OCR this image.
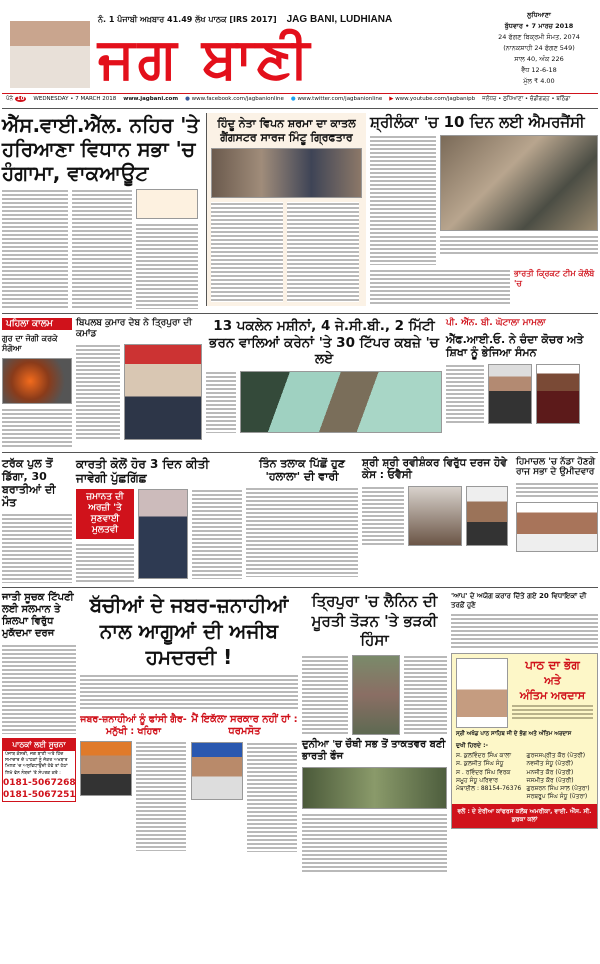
ਨੰ. 1 ਪੰਜਾਬੀ ਅਖ਼ਬਾਰ 41.49 ਲੱਖ ਪਾਠਕ [IRS 2017] JAG BANI, LUDHIANA
ਜਗ ਬਾਣੀ
ਲੁਧਿਆਣਾ
ਬੁੱਧਵਾਰ • 7 ਮਾਰਚ 2018
24 ਫੱਗਣ ਬਿਕ੍ਰਮੀ ਸੰਮਤ, 2074
(ਨਾਨਕਸ਼ਾਹੀ 24 ਫੱਗਣ 549)
ਸਾਲ 40, ਅੰਕ 226
ਵੈੱਧ 12-6-18
ਮੁੱਲ ₹ 4.00
ਪੰਨੇ 10	WEDNESDAY • 7 MARCH 2018 www.jagbani.com ● www.facebook.com/jagbanionline ● www.twitter.com/jagbanionline ▶ www.youtube.com/jagbanipb ਜਲੰਧਰ • ਲੁਧਿਆਣਾ • ਚੰਡੀਗੜ੍ਹ • ਬਠਿੰਡਾ
ਐੱਸ.ਵਾਈ.ਐੱਲ. ਨਹਿਰ 'ਤੇ ਹਰਿਆਣਾ ਵਿਧਾਨ ਸਭਾ 'ਚ ਹੰਗਾਮਾ, ਵਾਕਆਊਟ
ਹਿੰਦੂ ਨੇਤਾ ਵਿਪਨ ਸ਼ਰਮਾ ਦਾ ਕਾਤਲ ਗੈਂਗਸਟਰ ਸਾਰਜ ਮਿੰਟੂ ਗ੍ਰਿਫਤਾਰ
ਸ਼੍ਰੀਲੰਕਾ 'ਚ 10 ਦਿਨ ਲਈ ਐਮਰਜੈਂਸੀ
ਭਾਰਤੀ ਕ੍ਰਿਕਟ ਟੀਮ ਕੋਲੰਬੋ 'ਚ
ਪਹਿਲਾ ਕਾਲਮ
ਗੁਰ ਦਾ ਜੋਗੀ ਕਰਕੇ ਸੰਗੋਆ
ਬਿਪਲਬ ਕੁਮਾਰ ਦੇਬ ਨੇ ਤ੍ਰਿਪੁਰਾ ਦੀ ਕਮਾਂਡ	13 ਪਕਲੇਨ ਮਸ਼ੀਨਾਂ, 4 ਜੇ.ਸੀ.ਬੀ., 2 ਮਿੱਟੀ ਭਰਨ ਵਾਲਿਆਂ ਕਰੇਨਾਂ 'ਤੇ 30 ਟਿੱਪਰ ਕਬਜ਼ੇ 'ਚ ਲਏ
ਪੀ. ਐੱਨ. ਬੀ. ਘੋਟਾਲਾ ਮਾਮਲਾ
ਐੱਫ.ਆਈ.ਓ. ਨੇ ਚੰਦਾ ਕੋਚਰ ਅਤੇ ਸ਼ਿਖਾ ਨੂੰ ਭੇਜਿਆ ਸੰਮਨ
ਟਰੱਕ ਪੁਲ ਤੋਂ ਡਿੱਗਾ, 30 ਬਰਾਤੀਆਂ ਦੀ ਮੌਤ
ਕਾਰਤੀ ਕੋਲੋਂ ਹੋਰ 3 ਦਿਨ ਕੀਤੀ ਜਾਵੇਗੀ ਪੁੱਛਗਿੱਛ
ਜ਼ਮਾਨਤ ਦੀ ਅਰਜ਼ੀ 'ਤੇ ਸੁਣਵਾਈ ਮੁਲਤਵੀ
ਤਿੰਨ ਤਲਾਕ ਪਿੱਛੋਂ ਹੁਣ 'ਹਲਾਲਾ' ਦੀ ਵਾਰੀ
ਸ਼੍ਰੀ ਸ਼੍ਰੀ ਰਵੀਸ਼ੰਕਰ ਵਿਰੁੱਧ ਦਰਜ ਹੋਵੇ ਕੇਸ : ਓਵੈਸੀ
ਹਿਮਾਚਲ 'ਚ ਨੱਡਾ ਹੋਣਗੇ ਰਾਜ ਸਭਾ ਦੇ ਉਮੀਦਵਾਰ
ਜਾਤੀ ਸੂਚਕ ਟਿੱਪਣੀ ਲਈ ਸਲਮਾਨ ਤੇ ਸ਼ਿਲਪਾ ਵਿਰੁੱਧ ਮੁਕੱਦਮਾ ਦਰਜ
ਪਾਠਕਾਂ ਲਈ ਸੂਚਨਾ
ਪੰਜਾਬ ਕੇਸਰੀ, ਜਗ ਬਾਣੀ ਅਤੇ ਹਿੰਦ ਸਮਾਚਾਰ ਦੇ ਪਾਠਕਾਂ ਨੂੰ ਜੇਕਰ ਅਖਬਾਰ ਮਿਲਣ 'ਚ ਅਸੁਵਿਧਾਉਂਦੀ ਹੋਵੇ ਤਾਂ ਹੇਠਾਂ ਲਿਖੇ ਫੋਨ ਨੰਬਰਾਂ 'ਤੇ ਸੰਪਰਕ ਕਰੋ :
0181-5067268
0181-5067251
ਬੱਚੀਆਂ ਦੇ ਜਬਰ-ਜ਼ਨਾਹੀਆਂ ਨਾਲ ਆਗੂਆਂ ਦੀ ਅਜੀਬ ਹਮਦਰਦੀ !
ਜਬਰ-ਜ਼ਨਾਹੀਆਂ ਨੂੰ ਫਾਂਸੀ ਗੈਰ-ਮਨੁੱਖੀ : ਖਹਿਰਾ
ਮੈਂ ਇਕੱਲਾ ਸਰਕਾਰ ਨਹੀਂ ਹਾਂ : ਧਰਮਸੋਤ
ਤ੍ਰਿਪੁਰਾ 'ਚ ਲੈਨਿਨ ਦੀ ਮੂਰਤੀ ਤੋੜਨ 'ਤੇ ਭੜਕੀ ਹਿੰਸਾ
ਦੁਨੀਆ 'ਚ ਚੌਥੀ ਸਭ ਤੋਂ ਤਾਕਤਵਰ ਬਣੀ ਭਾਰਤੀ ਫੌਜ
'ਆਪ' ਦੇ ਅਯੋਗ ਕਰਾਰ ਦਿੱਤੇ ਗਏ 20 ਵਿਧਾਇਕਾਂ ਦੀ ਤਰਫ਼ੋਂ ਹੁਣੇ
ਪਾਠ ਦਾ ਭੋਗ
ਅਤੇ
ਅੰਤਿਮ ਅਰਦਾਸ
ਸ੍ਰੀ ਅਖੰਡ ਪਾਠ ਸਾਹਿਬ ਜੀ ਦੇ ਭੋਗ ਅਤੇ ਅੰਤਿਮ ਅਰਦਾਸ
ਦੁਖੀ ਹਿਰਦੇ :-
ਸ. ਕੁਲਵਿੰਦਰ ਸਿੰਘ ਕਾਲਾ
ਸ. ਕੁਲਜੀਤ ਸਿੰਘ ਸੰਧੂ
ਸ . ਰਵਿੰਦਰ ਸਿੰਘ ਵਿਰਕ
ਸਮੂਹ ਸੰਧੂ ਪਰਿਵਾਰ
ਮੋਬਾਈਲ : 88154-76376
ਗੁਰਜਸਪ੍ਰੀਤ ਕੌਰ (ਪੋਤਰੀ)
ਨਵਜੀਤ ਸੰਧੂ (ਪੋਤਰੀ)
ਮਨਜੀਤ ਕੌਰ (ਪੋਤਰੀ)
ਜਸਮੀਤ ਕੌਰ (ਪੋਤਰੀ)
ਗੁਰਸ਼ਰਨ ਸਿੰਘ ਸਾਲ (ਪੋਤਰਾ)
ਸਰਬਰੂਪ ਸਿੰਘ ਸੰਧੂ (ਪੋਤਰਾ)
ਵਲੋਂ : ਦੇ ਏਰੀਆ ਕਾਂਫਰਸ ਕਲੱਬ ਅਮਰੀਕਾ, ਵਾਈ. ਐੱਸ. ਸੀ. ਕੁਰਕਾ ਕਲਾਂ
